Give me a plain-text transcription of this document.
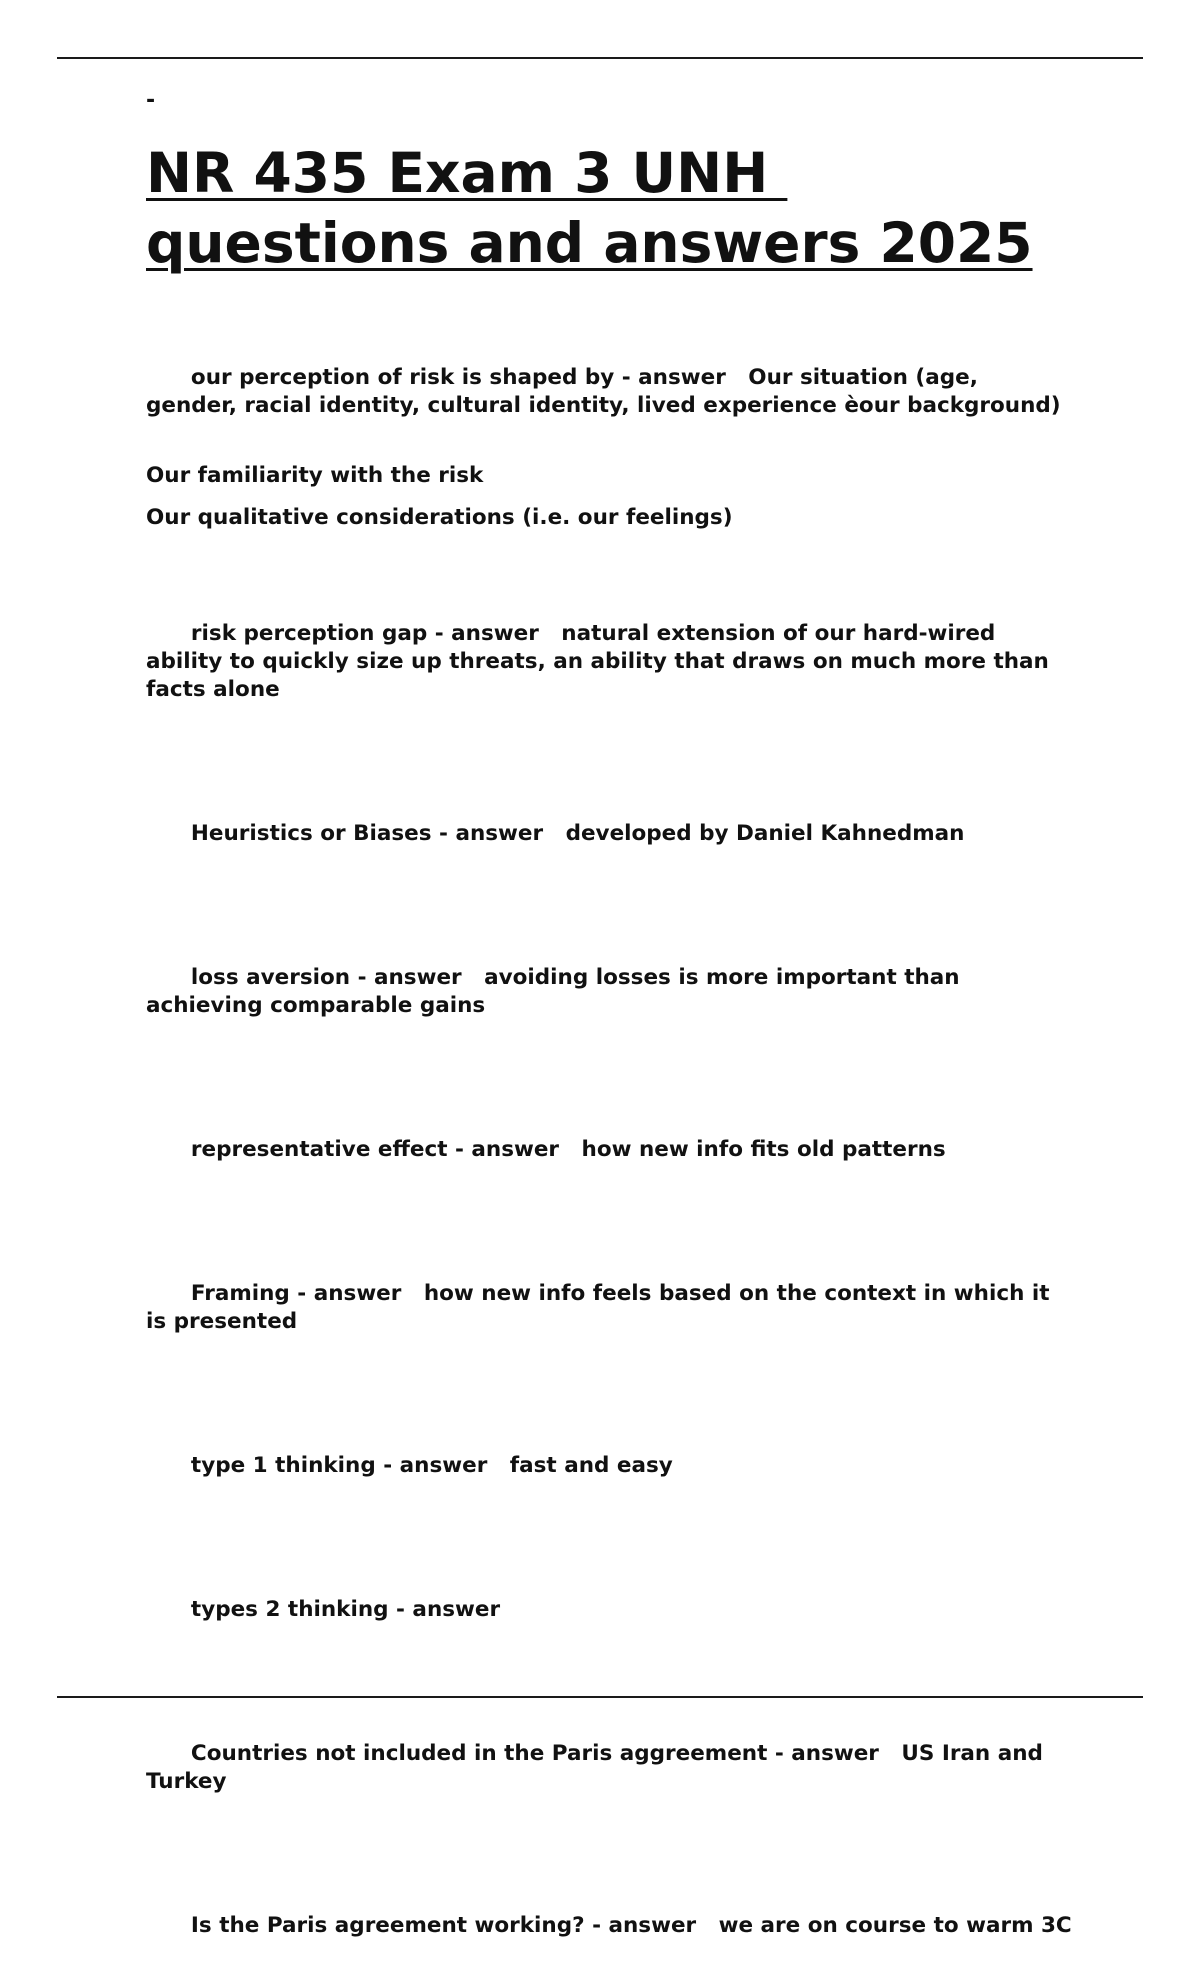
-
NR 435 Exam 3 UNH
questions and answers 2025

our perception of risk is shaped by - answer Our situation (age, gender, racial identity, cultural identity, lived experience èour background)

Our familiarity with the risk
Our qualitative considerations (i.e. our feelings)

risk perception gap - answer natural extension of our hard-wired ability to quickly size up threats, an ability that draws on much more than facts alone

Heuristics or Biases - answer developed by Daniel Kahnedman

loss aversion - answer avoiding losses is more important than achieving comparable gains

representative effect - answer how new info fits old patterns

Framing - answer how new info feels based on the context in which it is presented

type 1 thinking - answer fast and easy

types 2 thinking - answer

Countries not included in the Paris aggreement - answer US Iran and Turkey

Is the Paris agreement working? - answer we are on course to warm 3C
